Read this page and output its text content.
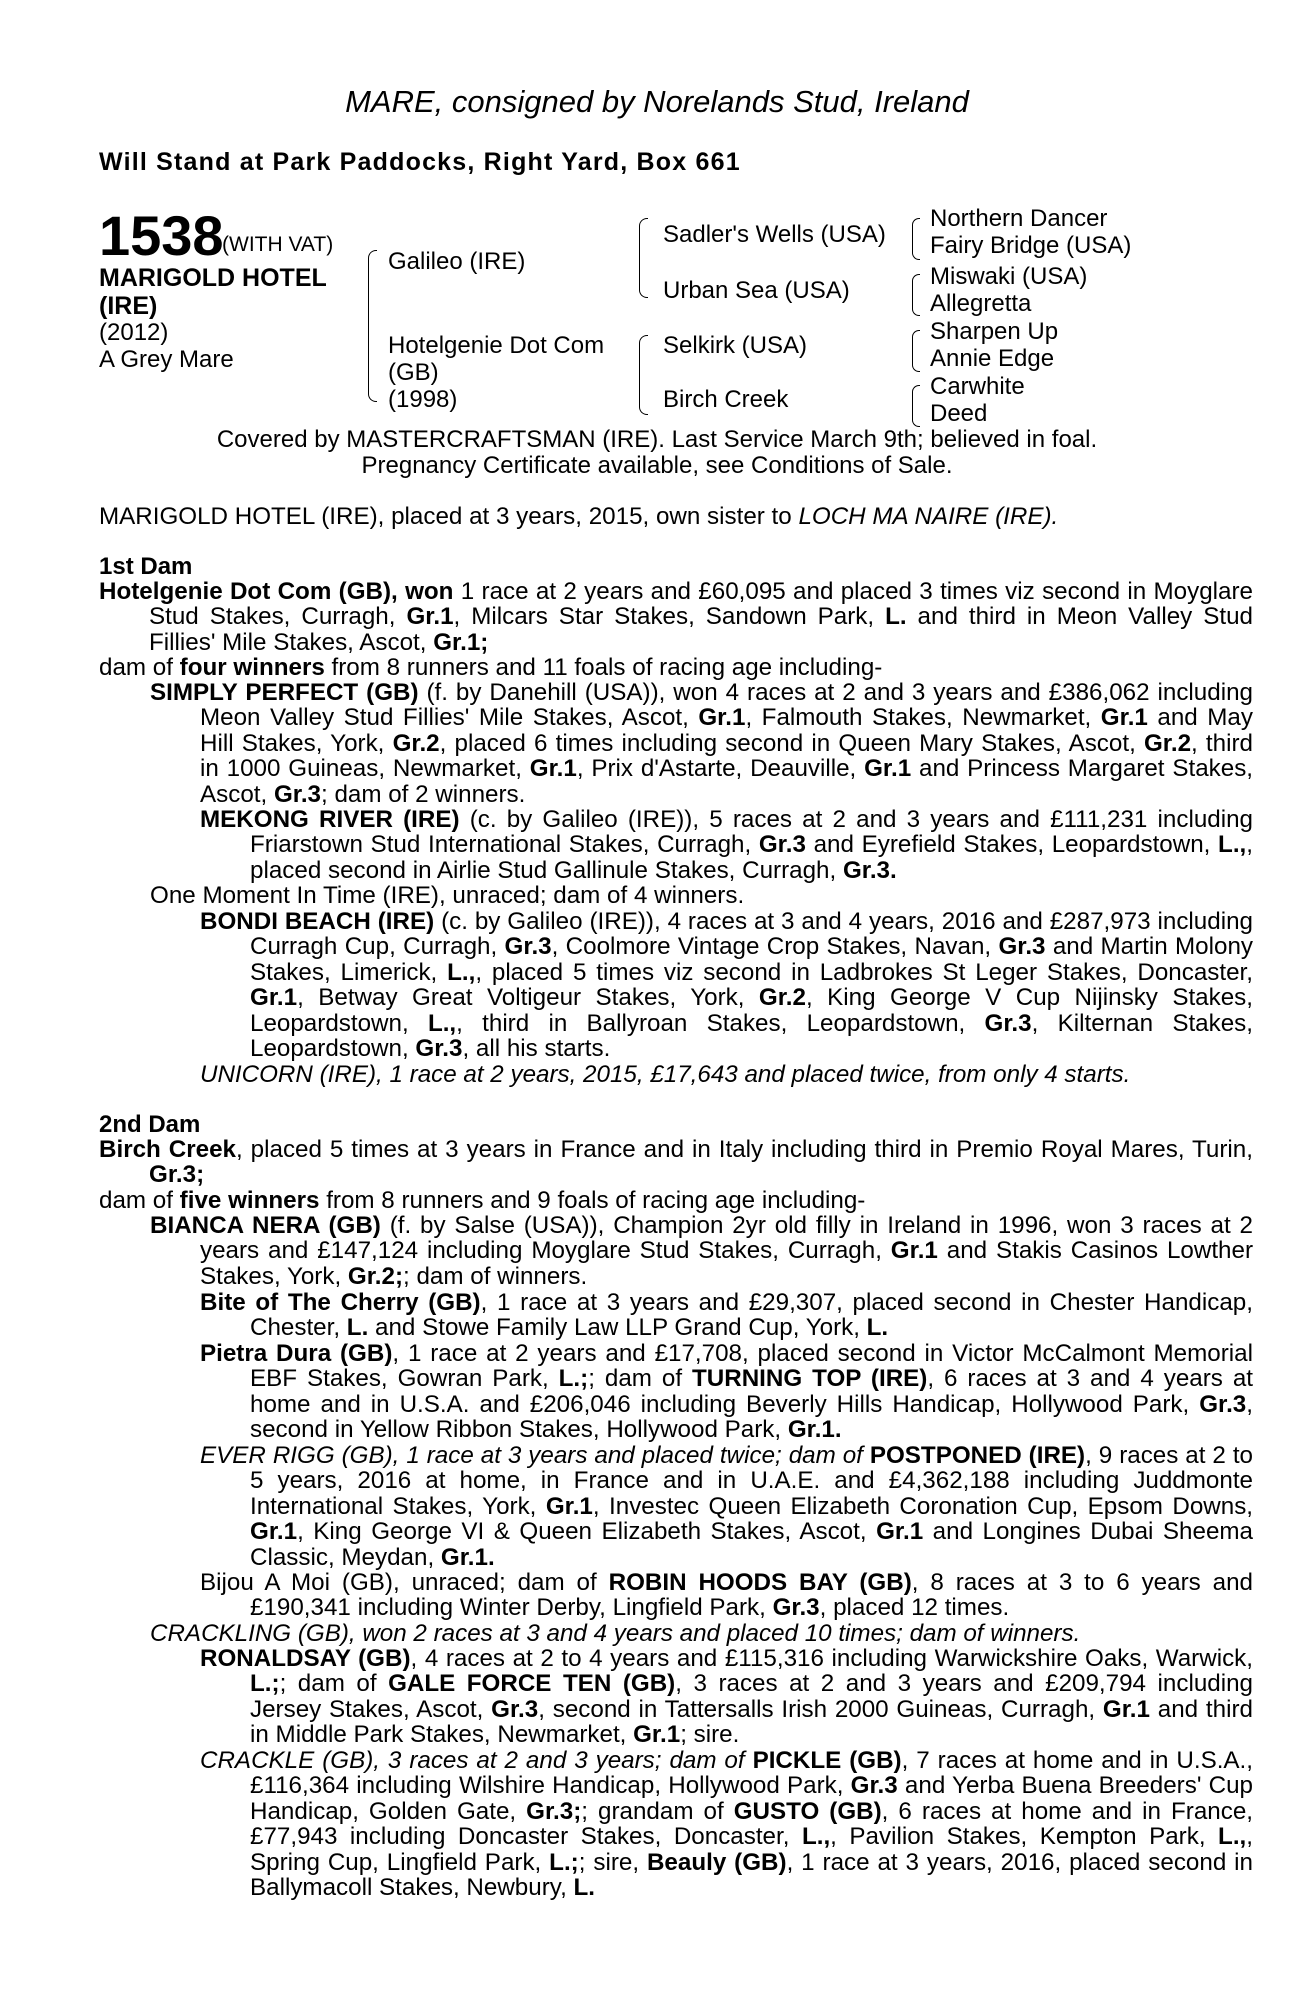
MARE, consigned by Norelands Stud, Ireland
Will Stand at Park Paddocks, Right Yard, Box 661
1538
(WITH VAT)
MARIGOLD HOTEL
(IRE)
(2012)
A Grey Mare
Galileo (IRE)
Hotelgenie Dot Com
(GB)
(1998)
Sadler's Wells (USA)
Urban Sea (USA)
Selkirk (USA)
Birch Creek
Northern Dancer
Fairy Bridge (USA)
Miswaki (USA)
Allegretta
Sharpen Up
Annie Edge
Carwhite
Deed
Covered by MASTERCRAFTSMAN (IRE). Last Service March 9th; believed in foal.
Pregnancy Certificate available, see Conditions of Sale.
MARIGOLD HOTEL (IRE), placed at 3 years, 2015, own sister to LOCH MA NAIRE (IRE).
1st Dam
Hotelgenie Dot Com (GB), won 1 race at 2 years and £60,095 and placed 3 times viz second in Moyglare Stud Stakes, Curragh, Gr.1, Milcars Star Stakes, Sandown Park, L. and third in Meon Valley Stud Fillies' Mile Stakes, Ascot, Gr.1;
dam of four winners from 8 runners and 11 foals of racing age including-
SIMPLY PERFECT (GB) (f. by Danehill (USA)), won 4 races at 2 and 3 years and £386,062 including Meon Valley Stud Fillies' Mile Stakes, Ascot, Gr.1, Falmouth Stakes, Newmarket, Gr.1 and May Hill Stakes, York, Gr.2, placed 6 times including second in Queen Mary Stakes, Ascot, Gr.2, third in 1000 Guineas, Newmarket, Gr.1, Prix d'Astarte, Deauville, Gr.1 and Princess Margaret Stakes, Ascot, Gr.3; dam of 2 winners.
MEKONG RIVER (IRE) (c. by Galileo (IRE)), 5 races at 2 and 3 years and £111,231 including Friarstown Stud International Stakes, Curragh, Gr.3 and Eyrefield Stakes, Leopardstown, L.,, placed second in Airlie Stud Gallinule Stakes, Curragh, Gr.3.
One Moment In Time (IRE), unraced; dam of 4 winners.
BONDI BEACH (IRE) (c. by Galileo (IRE)), 4 races at 3 and 4 years, 2016 and £287,973 including Curragh Cup, Curragh, Gr.3, Coolmore Vintage Crop Stakes, Navan, Gr.3 and Martin Molony Stakes, Limerick, L.,, placed 5 times viz second in Ladbrokes St Leger Stakes, Doncaster, Gr.1, Betway Great Voltigeur Stakes, York, Gr.2, King George V Cup Nijinsky Stakes, Leopardstown, L.,, third in Ballyroan Stakes, Leopardstown, Gr.3, Kilternan Stakes, Leopardstown, Gr.3, all his starts.
UNICORN (IRE), 1 race at 2 years, 2015, £17,643 and placed twice, from only 4 starts.
2nd Dam
Birch Creek, placed 5 times at 3 years in France and in Italy including third in Premio Royal Mares, Turin, Gr.3;
dam of five winners from 8 runners and 9 foals of racing age including-
BIANCA NERA (GB) (f. by Salse (USA)), Champion 2yr old filly in Ireland in 1996, won 3 races at 2 years and £147,124 including Moyglare Stud Stakes, Curragh, Gr.1 and Stakis Casinos Lowther Stakes, York, Gr.2;; dam of winners.
Bite of The Cherry (GB), 1 race at 3 years and £29,307, placed second in Chester Handicap, Chester, L. and Stowe Family Law LLP Grand Cup, York, L.
Pietra Dura (GB), 1 race at 2 years and £17,708, placed second in Victor McCalmont Memorial EBF Stakes, Gowran Park, L.;; dam of TURNING TOP (IRE), 6 races at 3 and 4 years at home and in U.S.A. and £206,046 including Beverly Hills Handicap, Hollywood Park, Gr.3, second in Yellow Ribbon Stakes, Hollywood Park, Gr.1.
EVER RIGG (GB), 1 race at 3 years and placed twice; dam of POSTPONED (IRE), 9 races at 2 to 5 years, 2016 at home, in France and in U.A.E. and £4,362,188 including Juddmonte International Stakes, York, Gr.1, Investec Queen Elizabeth Coronation Cup, Epsom Downs, Gr.1, King George VI & Queen Elizabeth Stakes, Ascot, Gr.1 and Longines Dubai Sheema Classic, Meydan, Gr.1.
Bijou A Moi (GB), unraced; dam of ROBIN HOODS BAY (GB), 8 races at 3 to 6 years and £190,341 including Winter Derby, Lingfield Park, Gr.3, placed 12 times.
CRACKLING (GB), won 2 races at 3 and 4 years and placed 10 times; dam of winners.
RONALDSAY (GB), 4 races at 2 to 4 years and £115,316 including Warwickshire Oaks, Warwick, L.;; dam of GALE FORCE TEN (GB), 3 races at 2 and 3 years and £209,794 including Jersey Stakes, Ascot, Gr.3, second in Tattersalls Irish 2000 Guineas, Curragh, Gr.1 and third in Middle Park Stakes, Newmarket, Gr.1; sire.
CRACKLE (GB), 3 races at 2 and 3 years; dam of PICKLE (GB), 7 races at home and in U.S.A., £116,364 including Wilshire Handicap, Hollywood Park, Gr.3 and Yerba Buena Breeders' Cup Handicap, Golden Gate, Gr.3;; grandam of GUSTO (GB), 6 races at home and in France, £77,943 including Doncaster Stakes, Doncaster, L.,, Pavilion Stakes, Kempton Park, L.,, Spring Cup, Lingfield Park, L.;; sire, Beauly (GB), 1 race at 3 years, 2016, placed second in Ballymacoll Stakes, Newbury, L.
